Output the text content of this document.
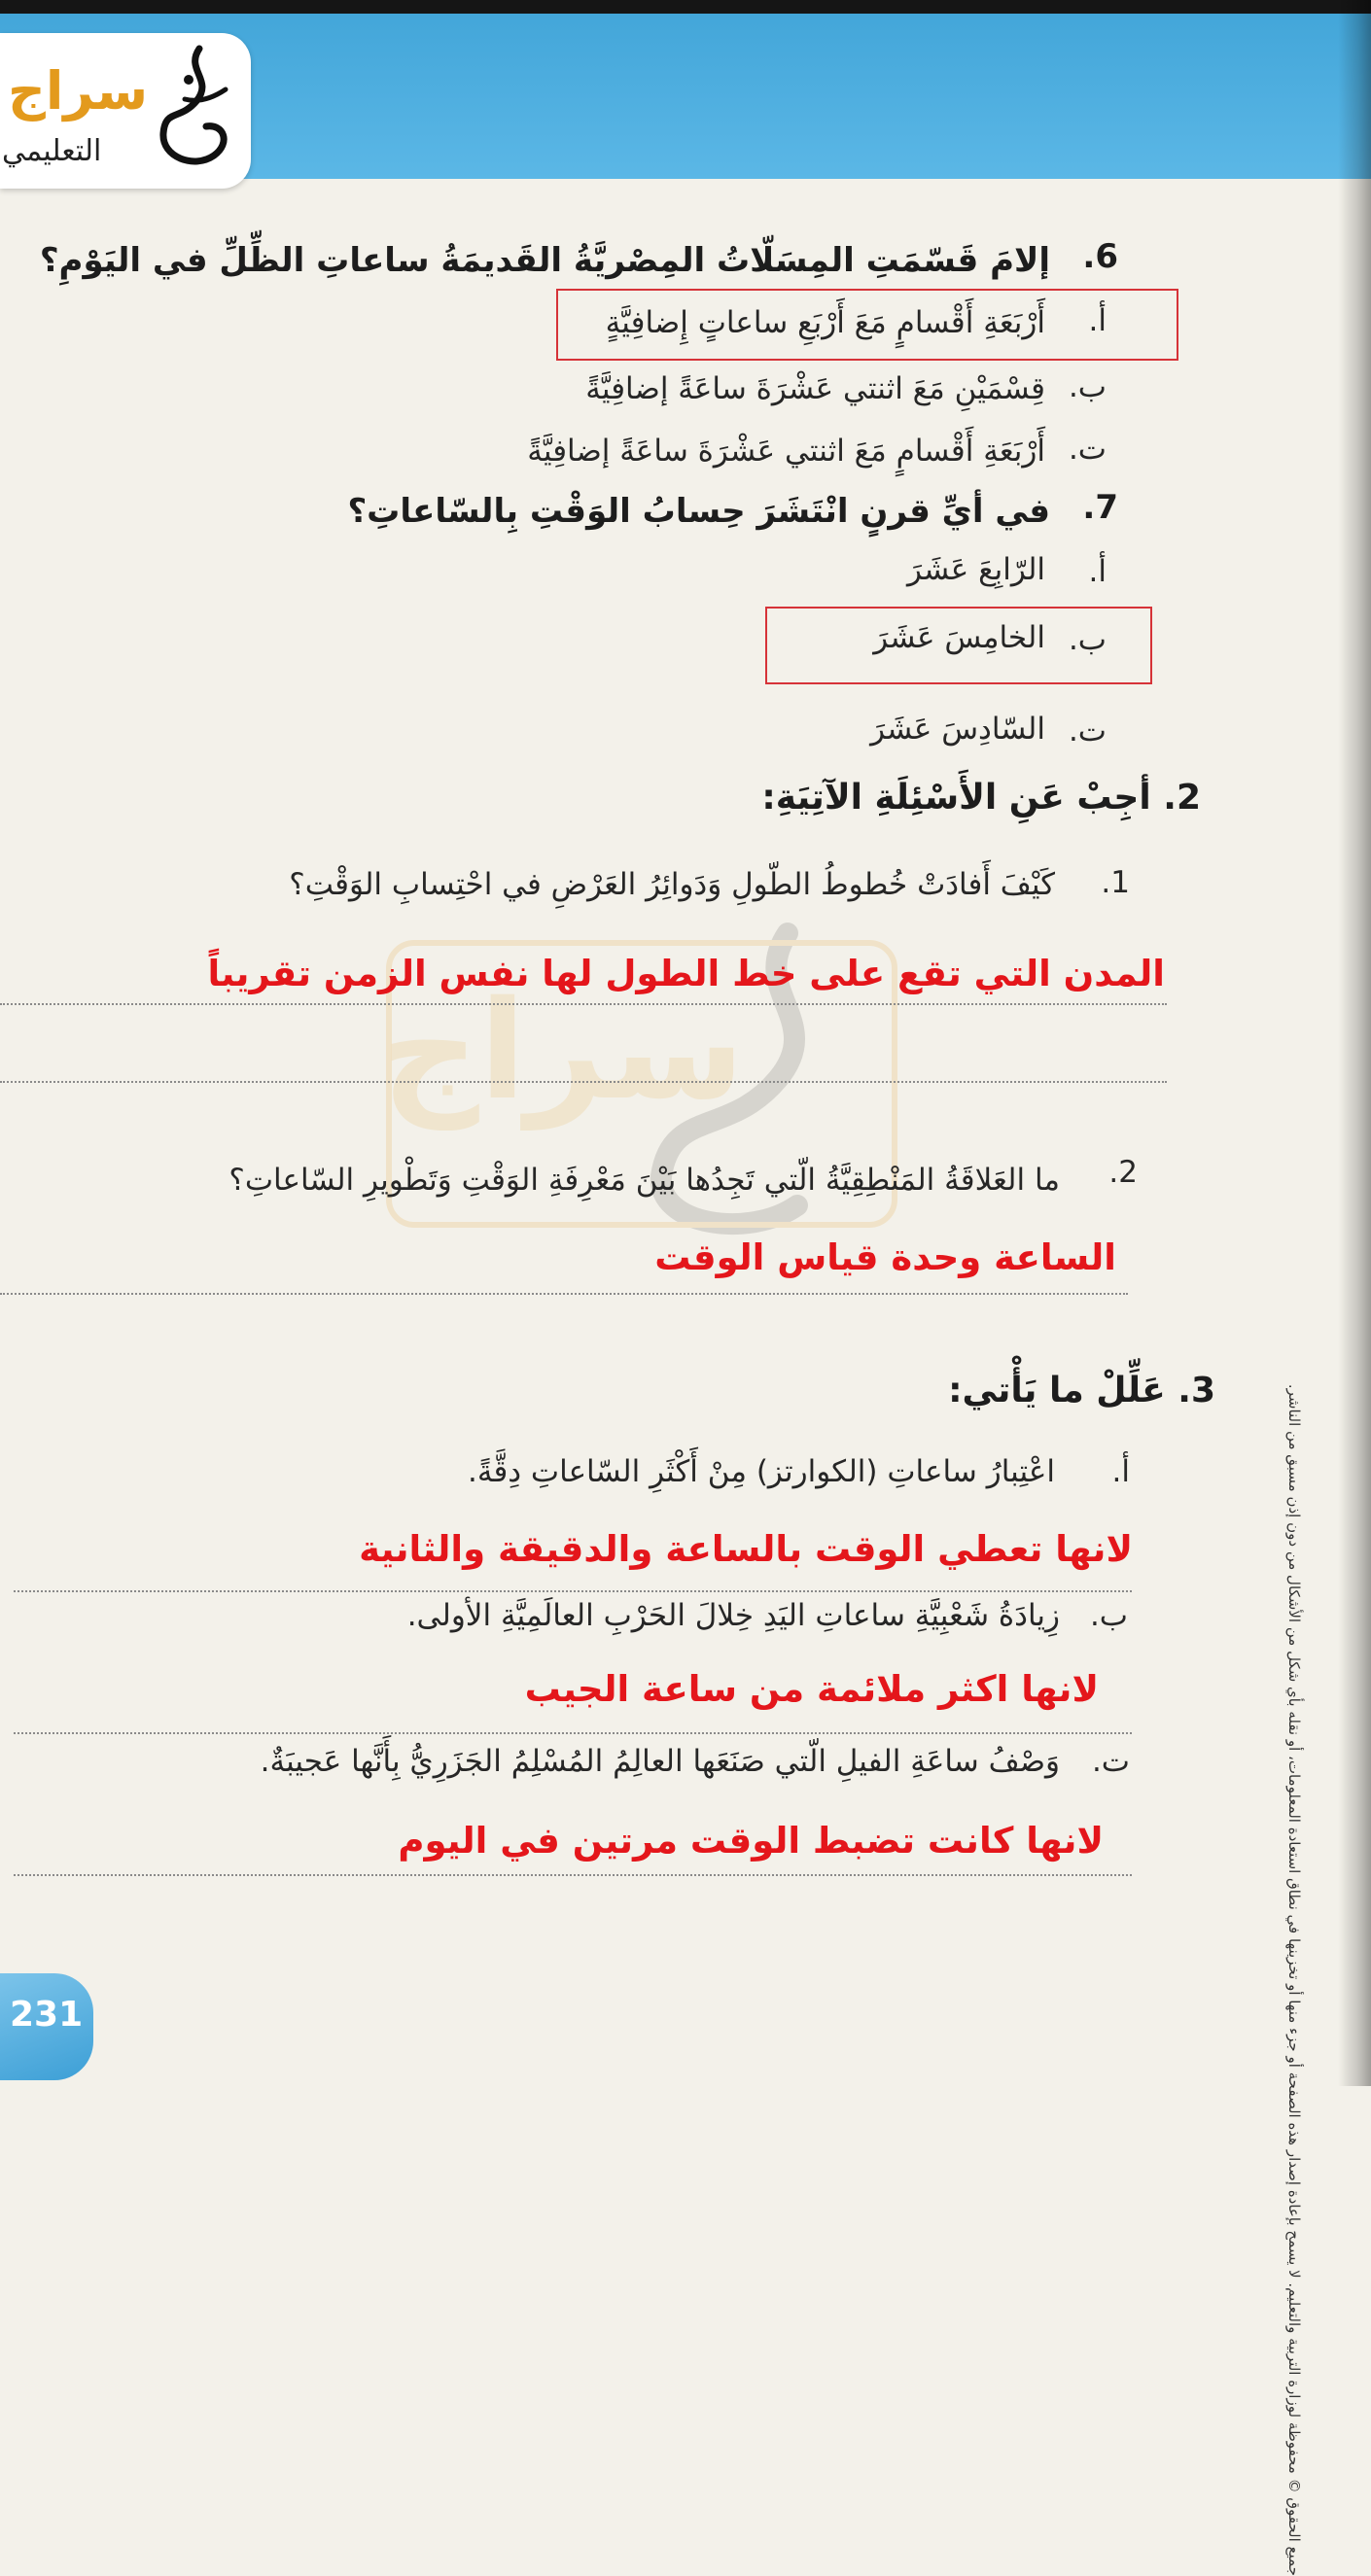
سراج
التعليمي
سراج
جميع الحقوق © محفوظة لوزارة التربية والتعليم. لا يسمح بإعادة إصدار هذه الصفحة أو جزء منها أو تخزينها في نطاق استعادة المعلومات، أو نقله بأي شكل من الأشكال من دون إذن مسبق من الناشر.
6.
إلامَ قَسّمَتِ المِسَلّاتُ المِصْريَّةُ القَديمَةُ ساعاتِ الظِّلِّ في اليَوْمِ؟
أ.
أَرْبَعَةِ أَقْسامٍ مَعَ أَرْبَعِ ساعاتٍ إِضافِيَّةٍ
ب.
قِسْمَيْنِ مَعَ اثنتي عَشْرَةَ ساعَةً إضافِيَّةً
ت.
أَرْبَعَةِ أَقْسامٍ مَعَ اثنتي عَشْرَةَ ساعَةً إضافِيَّةً
7.
في أيِّ قرنٍ انْتَشَرَ حِسابُ الوَقْتِ بِالسّاعاتِ؟
أ.
الرّابِعَ عَشَرَ
ب.
الخامِسَ عَشَرَ
ت.
السّادِسَ عَشَرَ
2. أجِبْ عَنِ الأَسْئِلَةِ الآتِيَةِ:
1.
كَيْفَ أَفادَتْ خُطوطُ الطّولِ وَدَوائِرُ العَرْضِ في احْتِسابِ الوَقْتِ؟
المدن التي تقع على خط الطول لها نفس الزمن تقريباً
2.
ما العَلاقَةُ المَنْطِقِيَّةُ الّتي تَجِدُها بَيْنَ مَعْرِفَةِ الوَقْتِ وَتَطْويرِ السّاعاتِ؟
الساعة وحدة قياس الوقت
3. عَلِّلْ ما يَأْتي:
أ.
اعْتِبارُ ساعاتِ (الكوارتز) مِنْ أَكْثَرِ السّاعاتِ دِقَّةً.
لانها تعطي الوقت بالساعة والدقيقة والثانية
ب.
زِيادَةُ شَعْبِيَّةِ ساعاتِ اليَدِ خِلالَ الحَرْبِ العالَمِيَّةِ الأولى.
لانها اكثر ملائمة من ساعة الجيب
ت.
وَصْفُ ساعَةِ الفيلِ الّتي صَنَعَها العالِمُ المُسْلِمُ الجَزَرِيُّ بِأَنَّها عَجيبَةٌ.
لانها كانت تضبط الوقت مرتين في اليوم
231
